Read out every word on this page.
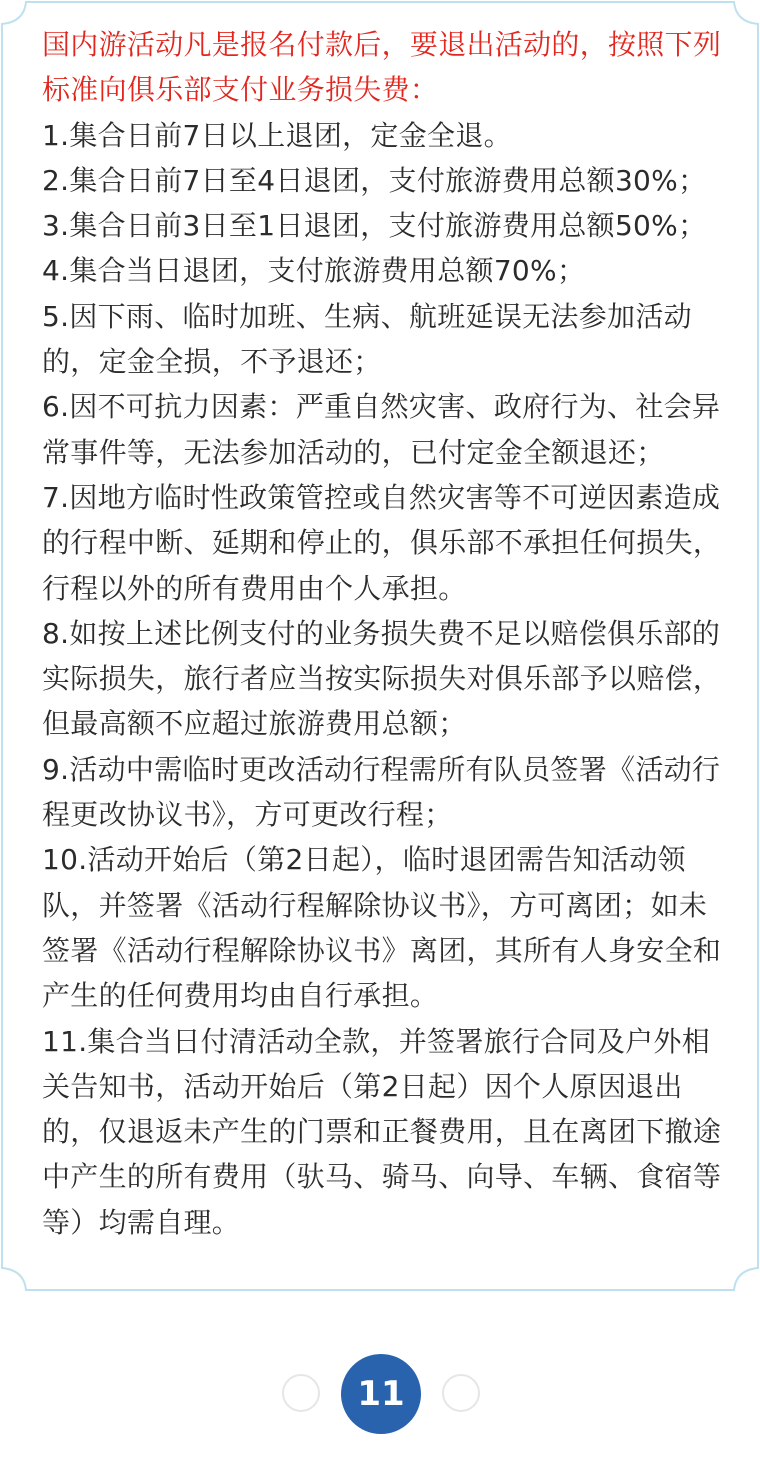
国内游活动凡是报名付款后，要退出活动的，按照下列标准向俱乐部支付业务损失费：

1.集合日前7日以上退团，定金全退。

2.集合日前7日至4日退团，支付旅游费用总额30%；

3.集合日前3日至1日退团，支付旅游费用总额50%；

4.集合当日退团，支付旅游费用总额70%；

5.因下雨、临时加班、生病、航班延误无法参加活动的，定金全损，不予退还；

6.因不可抗力因素：严重自然灾害、政府行为、社会异常事件等，无法参加活动的，已付定金全额退还；

7.因地方临时性政策管控或自然灾害等不可逆因素造成的行程中断、延期和停止的，俱乐部不承担任何损失，行程以外的所有费用由个人承担。

8.如按上述比例支付的业务损失费不足以赔偿俱乐部的实际损失，旅行者应当按实际损失对俱乐部予以赔偿，但最高额不应超过旅游费用总额；

9.活动中需临时更改活动行程需所有队员签署《活动行程更改协议书》，方可更改行程；

10.活动开始后（第2日起），临时退团需告知活动领队，并签署《活动行程解除协议书》，方可离团；如未签署《活动行程解除协议书》离团，其所有人身安全和产生的任何费用均由自行承担。

11.集合当日付清活动全款，并签署旅行合同及户外相关告知书，活动开始后（第2日起）因个人原因退出的，仅退返未产生的门票和正餐费用，且在离团下撤途中产生的所有费用（驮马、骑马、向导、车辆、食宿等等）均需自理。

11
